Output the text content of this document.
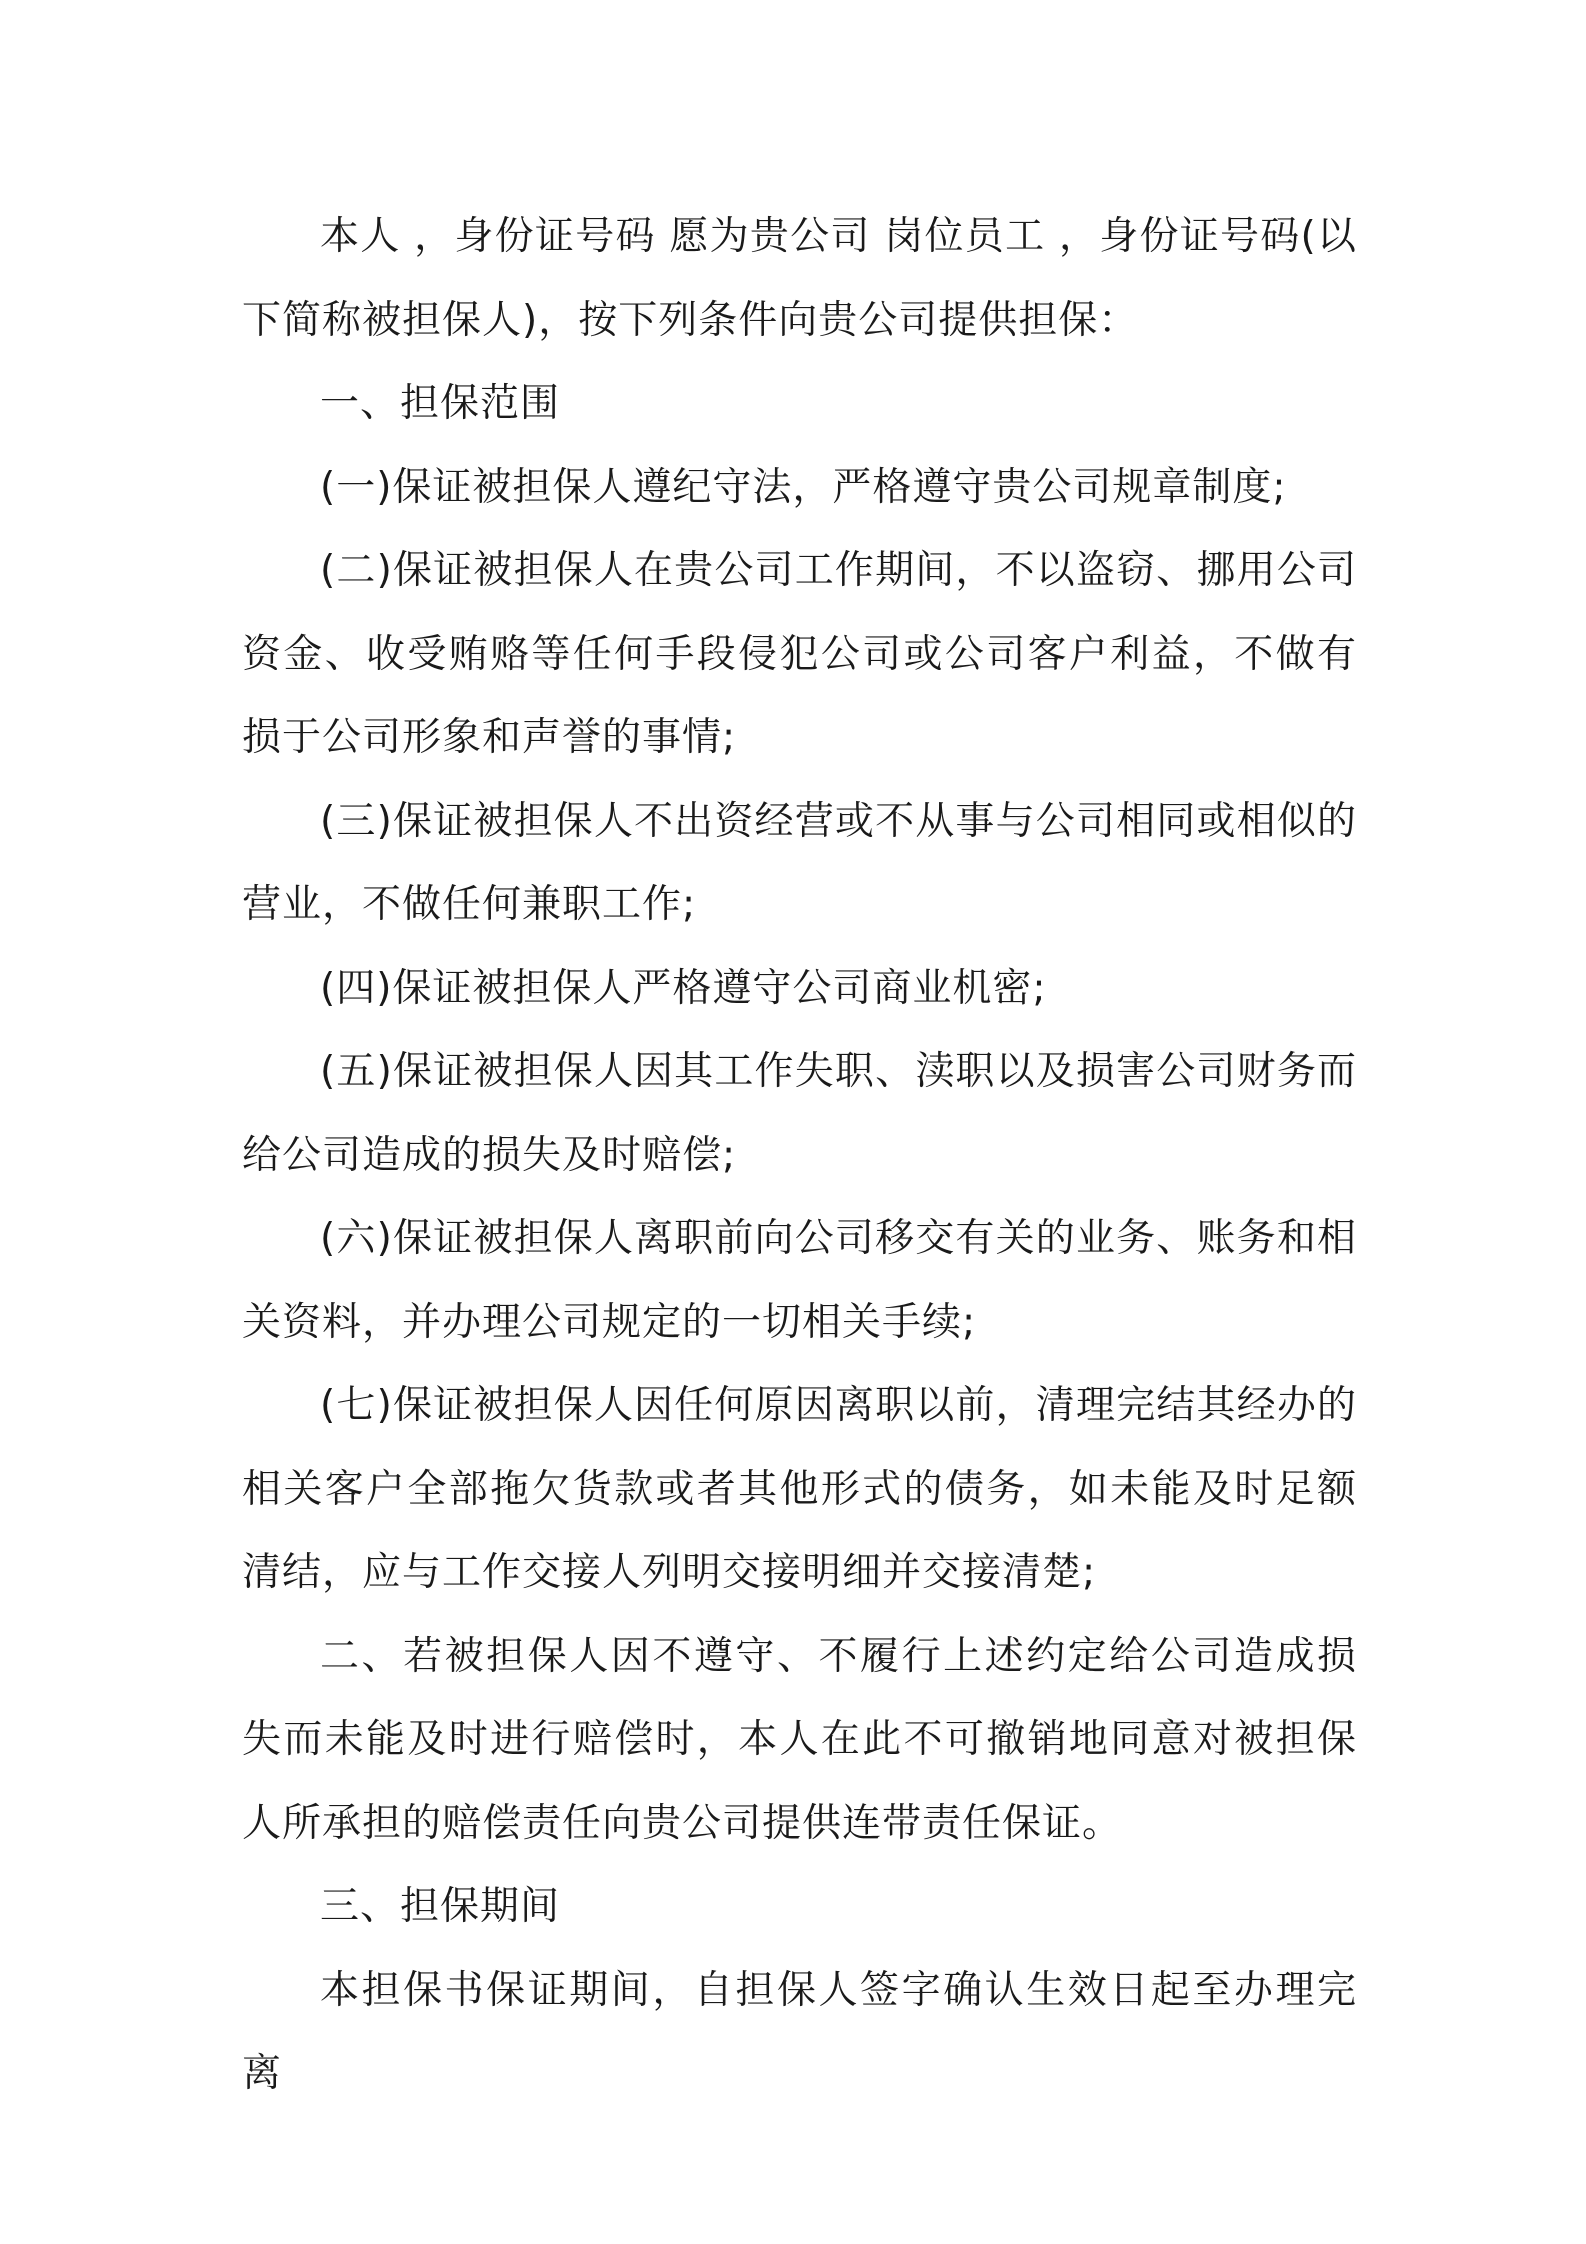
本人 ，身份证号码 愿为贵公司 岗位员工 ，身份证号码(以下简称被担保人)，按下列条件向贵公司提供担保：

一、担保范围

(一)保证被担保人遵纪守法，严格遵守贵公司规章制度;

(二)保证被担保人在贵公司工作期间，不以盗窃、挪用公司资金、收受贿赂等任何手段侵犯公司或公司客户利益，不做有损于公司形象和声誉的事情;

(三)保证被担保人不出资经营或不从事与公司相同或相似的营业，不做任何兼职工作;

(四)保证被担保人严格遵守公司商业机密;

(五)保证被担保人因其工作失职、渎职以及损害公司财务而给公司造成的损失及时赔偿;

(六)保证被担保人离职前向公司移交有关的业务、账务和相关资料，并办理公司规定的一切相关手续;

(七)保证被担保人因任何原因离职以前，清理完结其经办的相关客户全部拖欠货款或者其他形式的债务，如未能及时足额清结，应与工作交接人列明交接明细并交接清楚;

二、若被担保人因不遵守、不履行上述约定给公司造成损失而未能及时进行赔偿时，本人在此不可撤销地同意对被担保人所承担的赔偿责任向贵公司提供连带责任保证。

三、担保期间

本担保书保证期间，自担保人签字确认生效日起至办理完离
